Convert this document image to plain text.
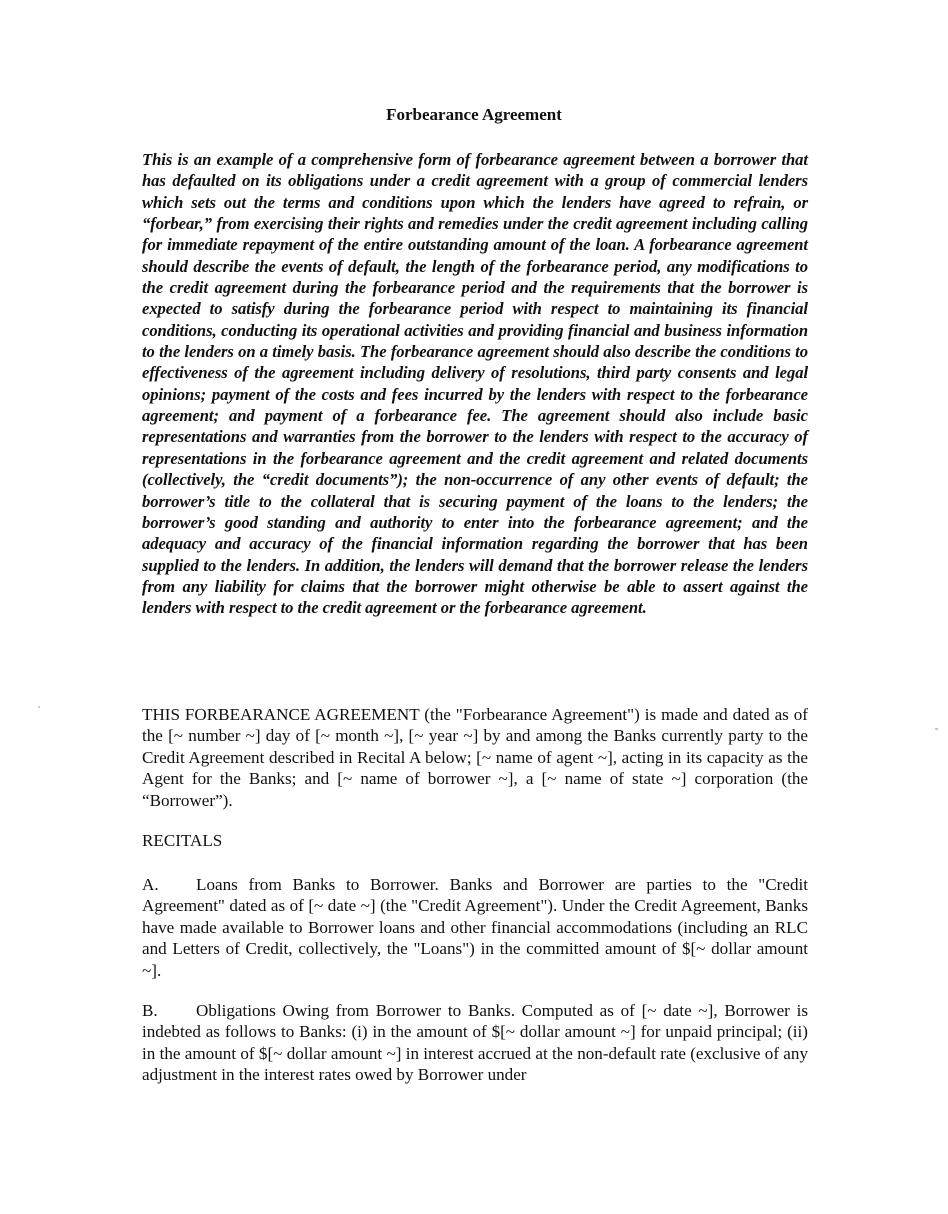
Forbearance Agreement
This is an example of a comprehensive form of forbearance agreement between a borrower that has defaulted on its obligations under a credit agreement with a group of commercial lenders which sets out the terms and conditions upon which the lenders have agreed to refrain, or “forbear,” from exercising their rights and remedies under the credit agreement including calling for immediate repayment of the entire outstanding amount of the loan. A forbearance agreement should describe the events of default, the length of the forbearance period, any modifications to the credit agreement during the forbearance period and the requirements that the borrower is expected to satisfy during the forbearance period with respect to maintaining its financial conditions, conducting its operational activities and providing financial and business information to the lenders on a timely basis. The forbearance agreement should also describe the conditions to effectiveness of the agreement including delivery of resolutions, third party consents and legal opinions; payment of the costs and fees incurred by the lenders with respect to the forbearance agreement; and payment of a forbearance fee. The agreement should also include basic representations and warranties from the borrower to the lenders with respect to the accuracy of representations in the forbearance agreement and the credit agreement and related documents (collectively, the “credit documents”); the non-occurrence of any other events of default; the borrower’s title to the collateral that is securing payment of the loans to the lenders; the borrower’s good standing and authority to enter into the forbearance agreement; and the adequacy and accuracy of the financial information regarding the borrower that has been supplied to the lenders. In addition, the lenders will demand that the borrower release the lenders from any liability for claims that the borrower might otherwise be able to assert against the lenders with respect to the credit agreement or the forbearance agreement.
THIS FORBEARANCE AGREEMENT (the "Forbearance Agreement") is made and dated as of the [~ number ~] day of [~ month ~], [~ year ~] by and among the Banks currently party to the Credit Agreement described in Recital A below; [~ name of agent ~], acting in its capacity as the Agent for the Banks; and [~ name of borrower ~], a [~ name of state ~] corporation (the “Borrower”).
RECITALS
A. Loans from Banks to Borrower. Banks and Borrower are parties to the "Credit Agreement" dated as of [~ date ~] (the "Credit Agreement"). Under the Credit Agreement, Banks have made available to Borrower loans and other financial accommodations (including an RLC and Letters of Credit, collectively, the "Loans") in the committed amount of $[~ dollar amount ~].
B. Obligations Owing from Borrower to Banks. Computed as of [~ date ~], Borrower is indebted as follows to Banks: (i) in the amount of $[~ dollar amount ~] for unpaid principal; (ii) in the amount of $[~ dollar amount ~] in interest accrued at the non-default rate (exclusive of any adjustment in the interest rates owed by Borrower under
